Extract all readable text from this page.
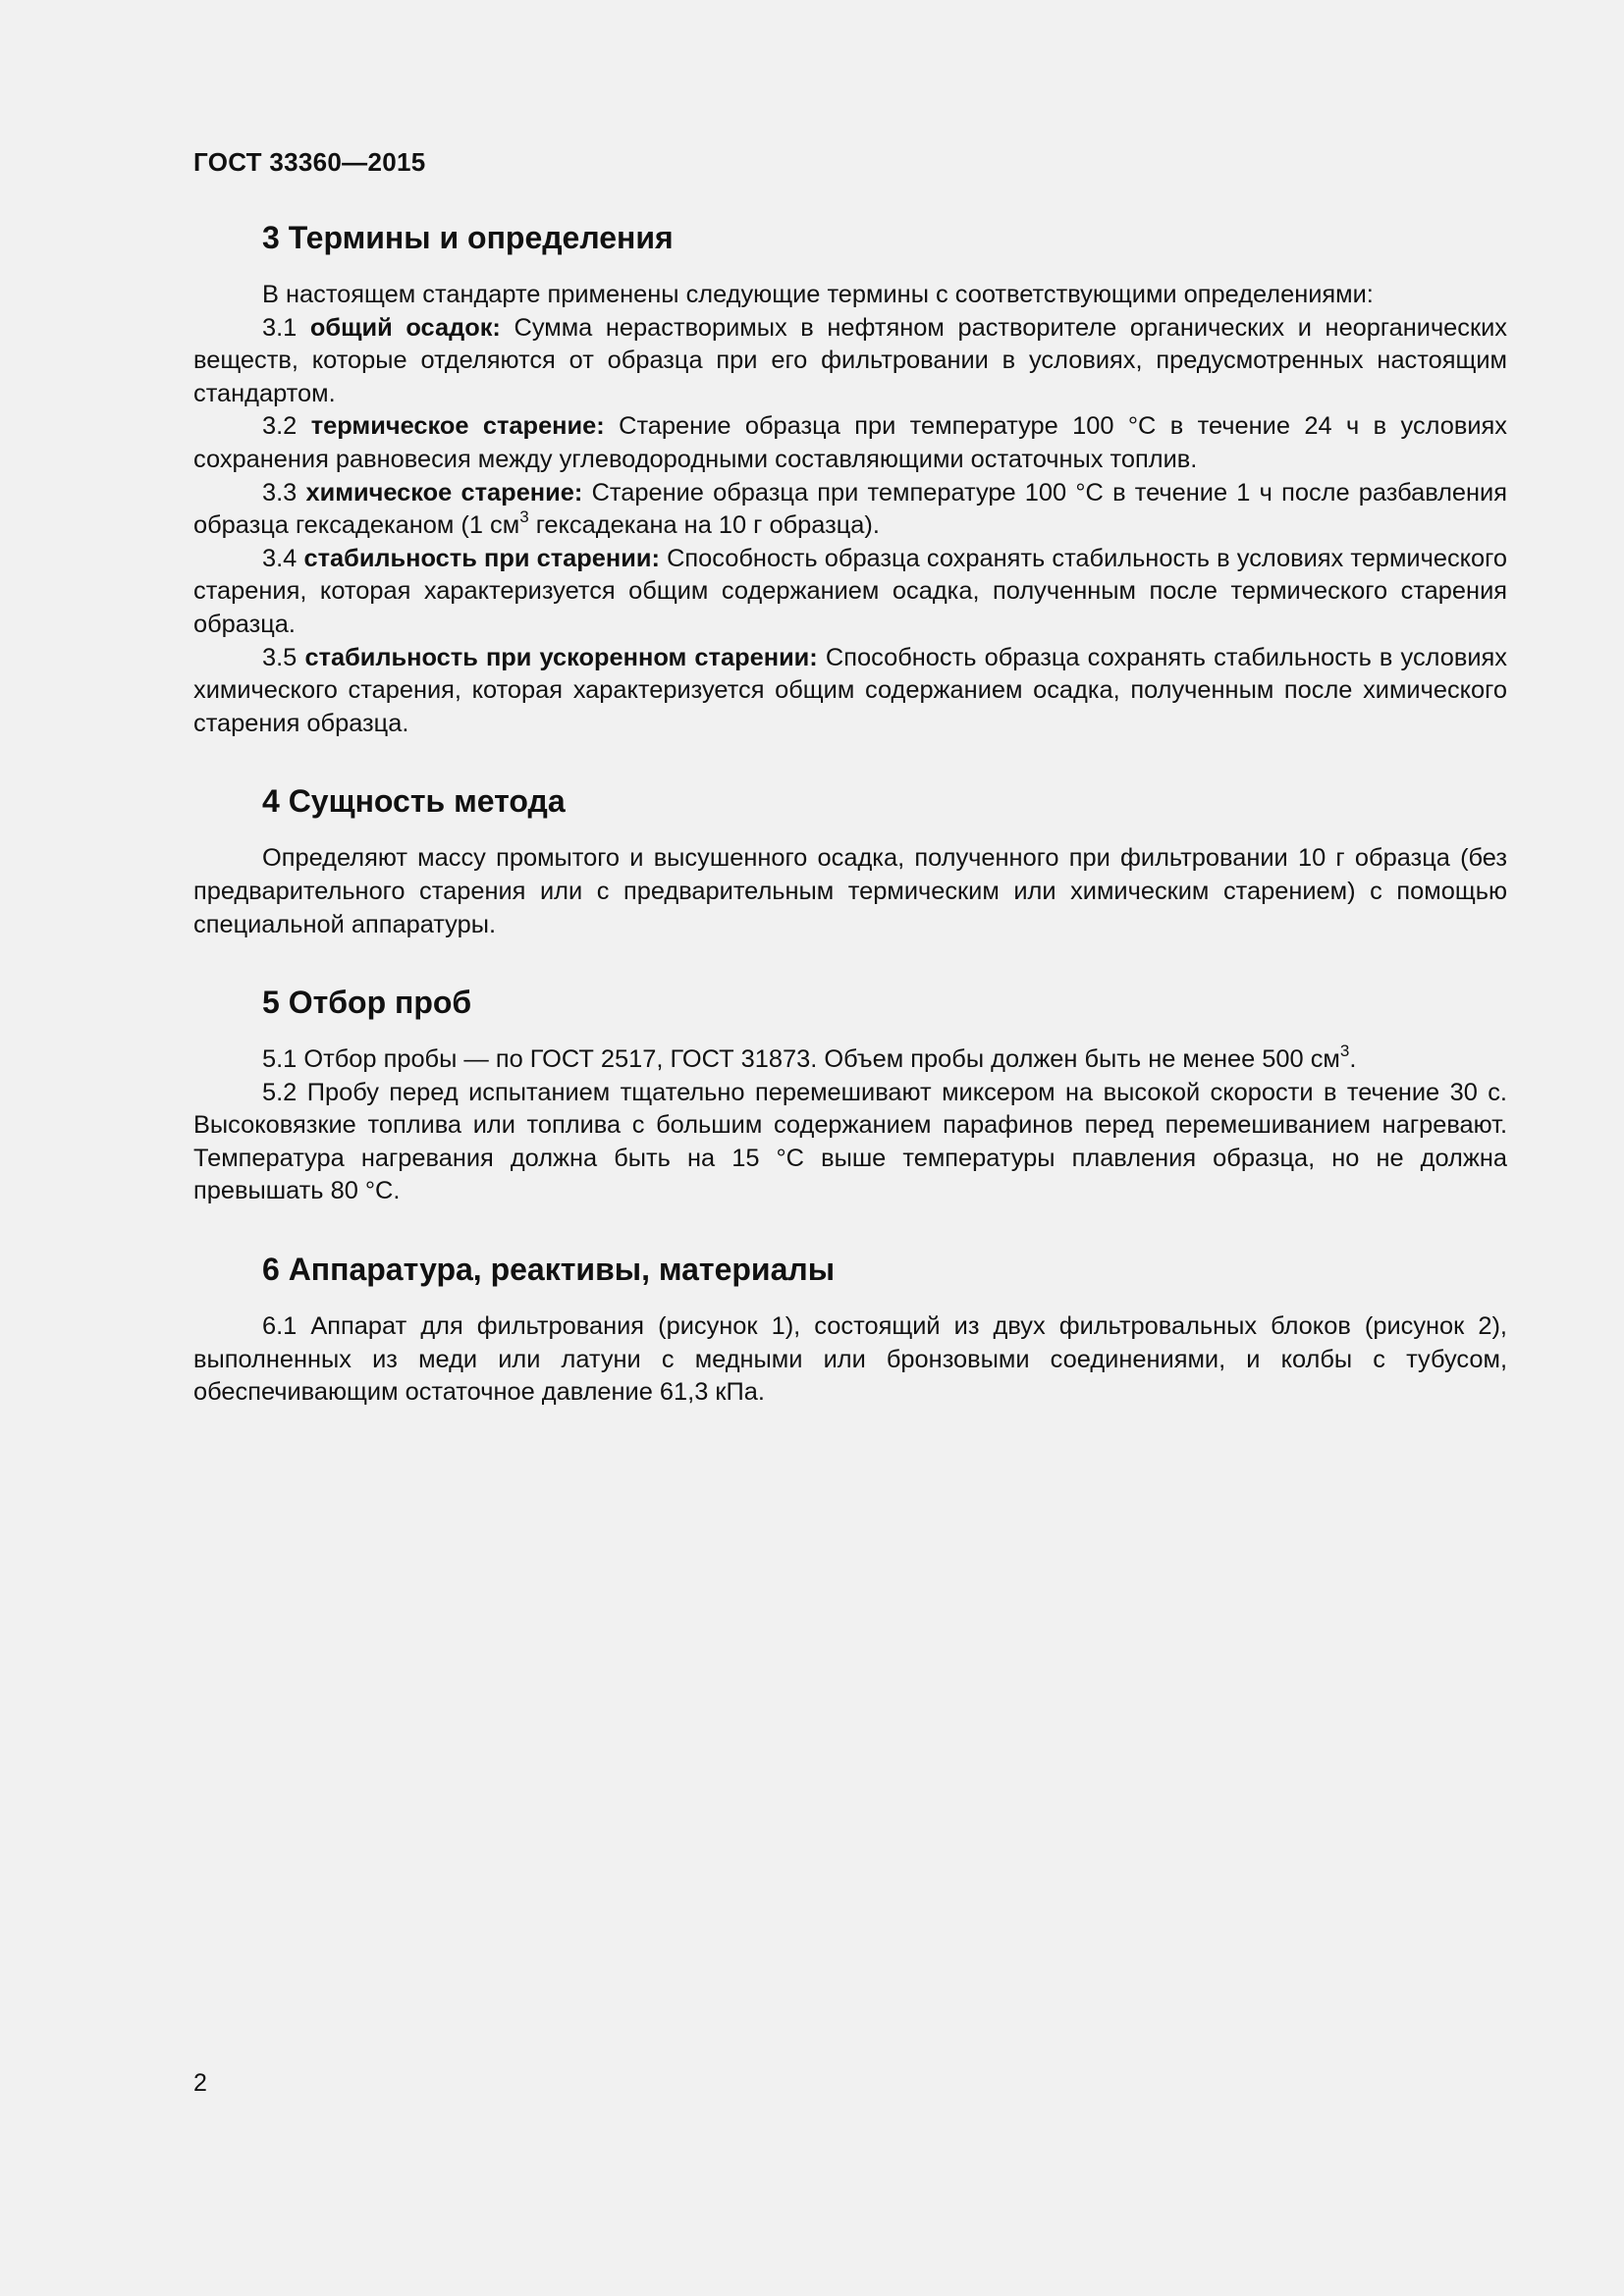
ГОСТ 33360—2015
3 Термины и определения

В настоящем стандарте применены следующие термины с соответствующими определениями:

3.1 общий осадок: Сумма нерастворимых в нефтяном растворителе органических и неорганических веществ, которые отделяются от образца при его фильтровании в условиях, предусмотренных настоящим стандартом.

3.2 термическое старение: Старение образца при температуре 100 °С в течение 24 ч в условиях сохранения равновесия между углеводородными составляющими остаточных топлив.

3.3 химическое старение: Старение образца при температуре 100 °С в течение 1 ч после разбавления образца гексадеканом (1 $см^3$ гексадекана на 10 г образца).

3.4 стабильность при старении: Способность образца сохранять стабильность в условиях термического старения, которая характеризуется общим содержанием осадка, полученным после термического старения образца.

3.5 стабильность при ускоренном старении: Способность образца сохранять стабильность в условиях химического старения, которая характеризуется общим содержанием осадка, полученным после химического старения образца.

4 Сущность метода

Определяют массу промытого и высушенного осадка, полученного при фильтровании 10 г образца (без предварительного старения или с предварительным термическим или химическим старением) с помощью специальной аппаратуры.

5 Отбор проб

5.1 Отбор пробы — по ГОСТ 2517, ГОСТ 31873. Объем пробы должен быть не менее 500 $см^3$.

5.2 Пробу перед испытанием тщательно перемешивают миксером на высокой скорости в течение 30 с. Высоковязкие топлива или топлива с большим содержанием парафинов перед перемешиванием нагревают. Температура нагревания должна быть на 15 °С выше температуры плавления образца, но не должна превышать 80 °С.

6 Аппаратура, реактивы, материалы

6.1 Аппарат для фильтрования (рисунок 1), состоящий из двух фильтровальных блоков (рисунок 2), выполненных из меди или латуни с медными или бронзовыми соединениями, и колбы с тубусом, обеспечивающим остаточное давление 61,3 кПа.

2
